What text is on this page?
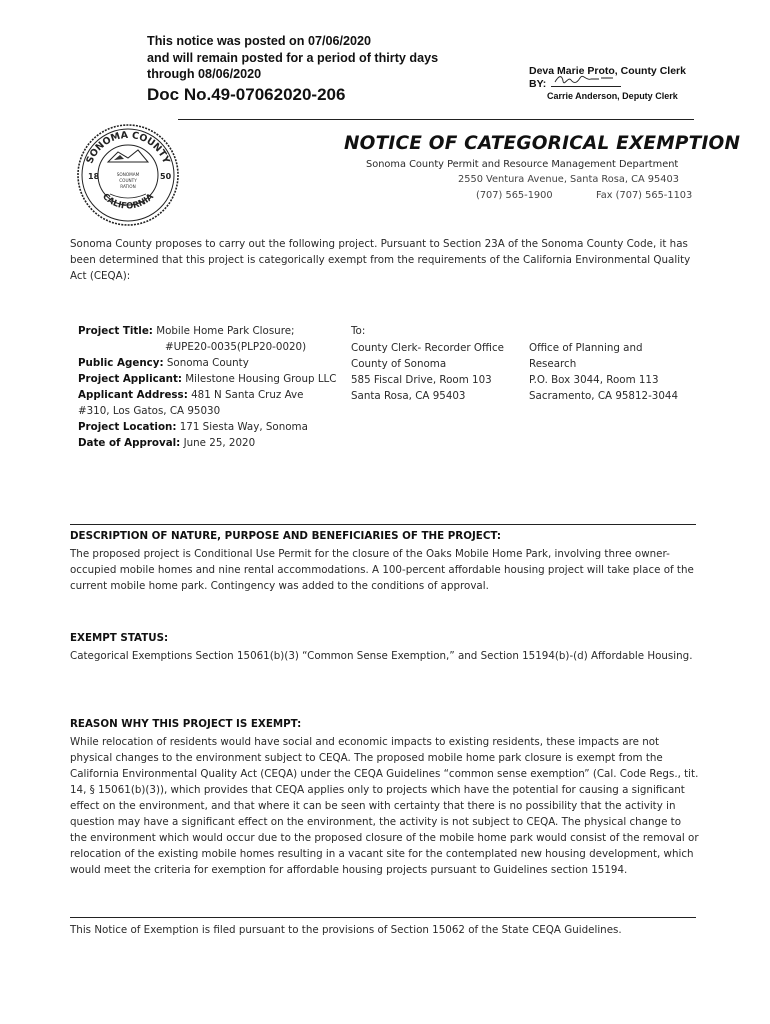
This notice was posted on 07/06/2020
and will remain posted for a period of thirty days
through 08/06/2020
Doc No.49-07062020-206
Deva Marie Proto, County Clerk
BY:
Carrie Anderson, Deputy Clerk
SONOMA COUNTY
CALIFORNIA
18	50
SONOMAM
COUNTY
RATION
NOTICE OF CATEGORICAL EXEMPTION
Sonoma County Permit and Resource Management Department
2550 Ventura Avenue, Santa Rosa, CA 95403
(707) 565-1900	Fax (707) 565-1103
Sonoma County proposes to carry out the following project. Pursuant to Section 23A of the Sonoma County Code, it has been determined that this project is categorically exempt from the requirements of the California Environmental Quality Act (CEQA):
Project Title: Mobile Home Park Closure;
#UPE20-0035(PLP20-0020)
Public Agency: Sonoma County
Project Applicant: Milestone Housing Group LLC
Applicant Address: 481 N Santa Cruz Ave #310, Los Gatos, CA 95030
Project Location: 171 Siesta Way, Sonoma
Date of Approval: June 25, 2020
To:
County Clerk- Recorder Office
County of Sonoma
585 Fiscal Drive, Room 103
Santa Rosa, CA 95403
Office of Planning and
Research
P.O. Box 3044, Room 113
Sacramento, CA 95812-3044
DESCRIPTION OF NATURE, PURPOSE AND BENEFICIARIES OF THE PROJECT:
The proposed project is Conditional Use Permit for the closure of the Oaks Mobile Home Park, involving three owner-occupied mobile homes and nine rental accommodations. A 100-percent affordable housing project will take place of the current mobile home park. Contingency was added to the conditions of approval.
EXEMPT STATUS:
Categorical Exemptions Section 15061(b)(3) “Common Sense Exemption,” and Section 15194(b)-(d) Affordable Housing.
REASON WHY THIS PROJECT IS EXEMPT:
While relocation of residents would have social and economic impacts to existing residents, these impacts are not physical changes to the environment subject to CEQA. The proposed mobile home park closure is exempt from the California Environmental Quality Act (CEQA) under the CEQA Guidelines “common sense exemption” (Cal. Code Regs., tit. 14, § 15061(b)(3)), which provides that CEQA applies only to projects which have the potential for causing a significant effect on the environment, and that where it can be seen with certainty that there is no possibility that the activity in question may have a significant effect on the environment, the activity is not subject to CEQA. The physical change to the environment which would occur due to the proposed closure of the mobile home park would consist of the removal or relocation of the existing mobile homes resulting in a vacant site for the contemplated new housing development, which would meet the criteria for exemption for affordable housing projects pursuant to Guidelines section 15194.
This Notice of Exemption is filed pursuant to the provisions of Section 15062 of the State CEQA Guidelines.
